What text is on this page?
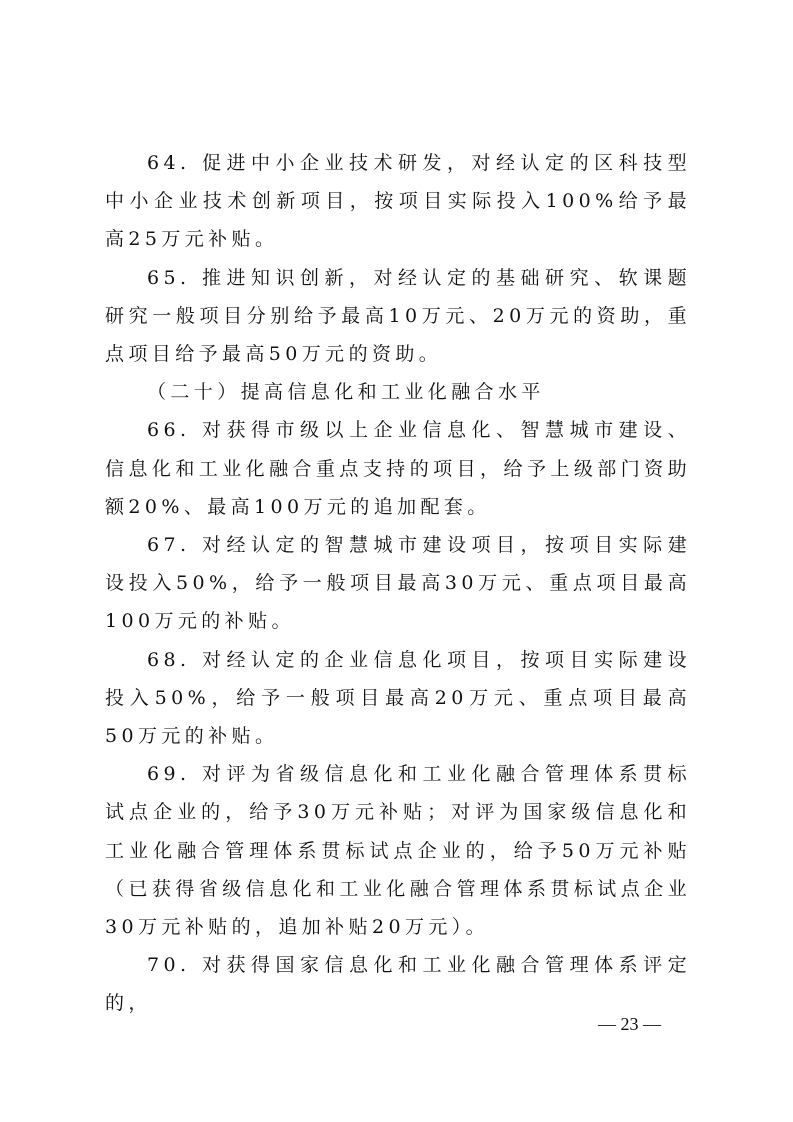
64. 促进中小企业技术研发，对经认定的区科技型中小企业技术创新项目，按项目实际投入100%给予最高25万元补贴。

65. 推进知识创新，对经认定的基础研究、软课题研究一般项目分别给予最高10万元、20万元的资助，重点项目给予最高50万元的资助。

（二十）提高信息化和工业化融合水平

66. 对获得市级以上企业信息化、智慧城市建设、信息化和工业化融合重点支持的项目，给予上级部门资助额20%、最高100万元的追加配套。

67. 对经认定的智慧城市建设项目，按项目实际建设投入50%，给予一般项目最高30万元、重点项目最高100万元的补贴。

68. 对经认定的企业信息化项目，按项目实际建设投入50%，给予一般项目最高20万元、重点项目最高50万元的补贴。

69. 对评为省级信息化和工业化融合管理体系贯标试点企业的，给予30万元补贴；对评为国家级信息化和工业化融合管理体系贯标试点企业的，给予50万元补贴（已获得省级信息化和工业化融合管理体系贯标试点企业30万元补贴的，追加补贴20万元）。

70. 对获得国家信息化和工业化融合管理体系评定的，

— 23 —
